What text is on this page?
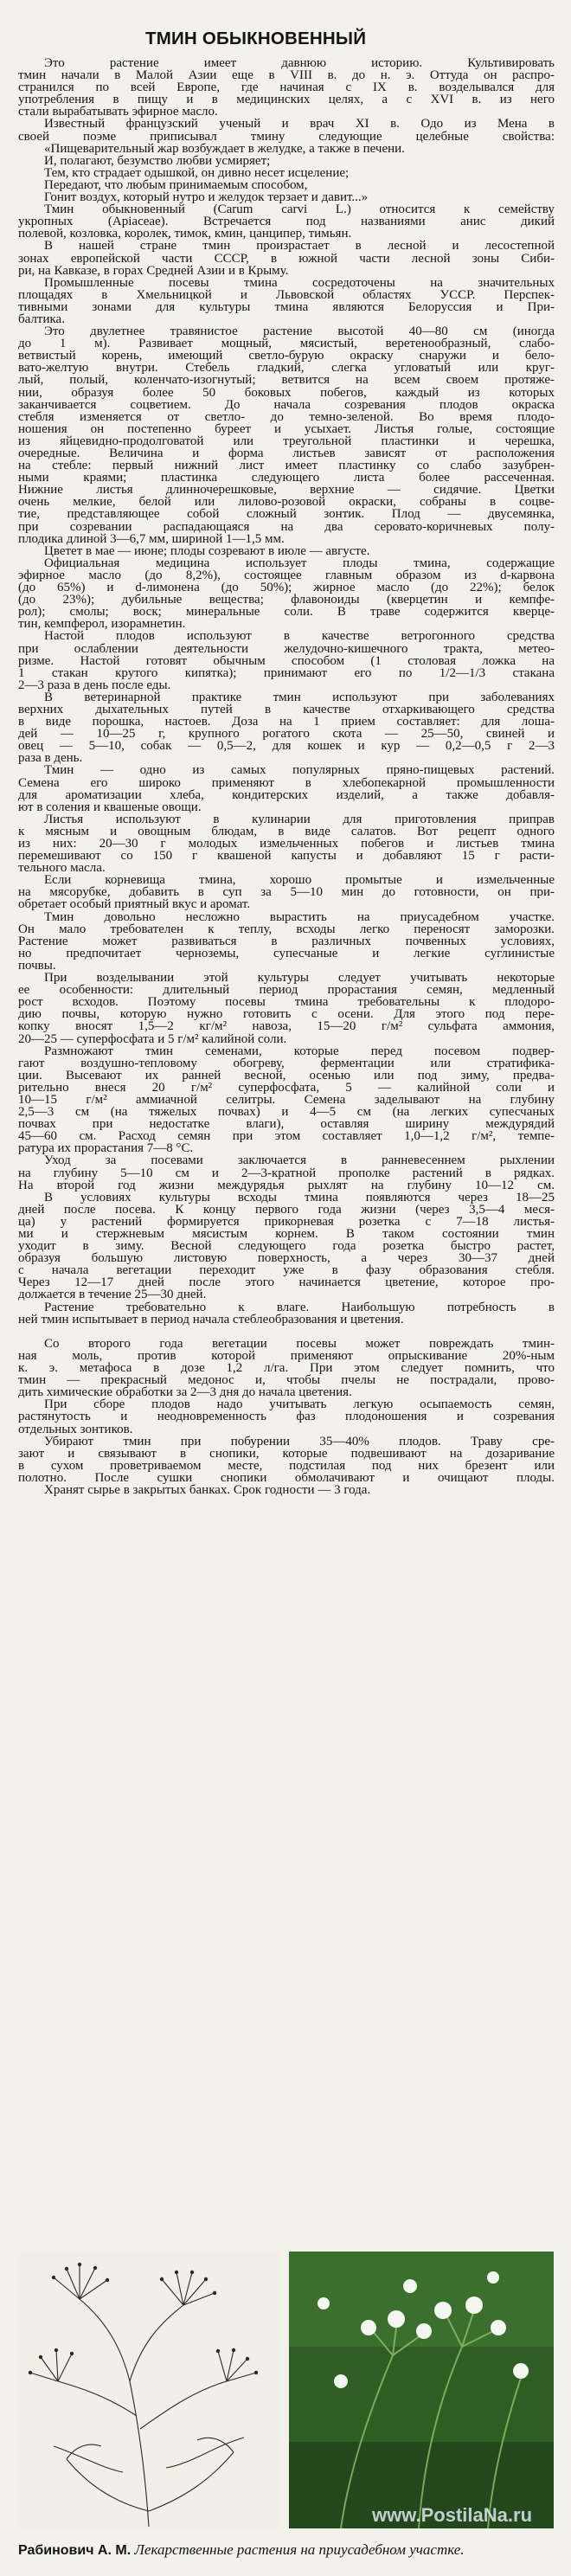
ТМИН ОБЫКНОВЕННЫЙ
Это растение имеет давнюю историю. Культивировать
тмин начали в Малой Азии еще в VIII в. до н. э. Оттуда он распро-
странился по всей Европе, где начиная с IX в. возделывался для
употребления в пищу и в медицинских целях, а с XVI в. из него
стали вырабатывать эфирное масло.
Известный французский ученый и врач XI в. Одо из Мена в
своей поэме приписывал тмину следующие целебные свойства:
«Пищеварительный жар возбуждает в желудке, а также в печени.
И, полагают, безумство любви усмиряет;
Тем, кто страдает одышкой, он дивно несет исцеление;
Передают, что любым принимаемым способом,
Гонит воздух, который нутро и желудок терзает и давит...»
Тмин обыкновенный (Carum carvi L.) относится к семейству
укропных (Apiaceae). Встречается под названиями анис дикий
полевой, козловка, королек, тимок, кмин, цанципер, тимьян.
В нашей стране тмин произрастает в лесной и лесостепной
зонах европейской части СССР, в южной части лесной зоны Сиби-
ри, на Кавказе, в горах Средней Азии и в Крыму.
Промышленные посевы тмина сосредоточены на значительных
площадях в Хмельницкой и Львовской областях УССР. Перспек-
тивными зонами для культуры тмина являются Белоруссия и При-
балтика.
Это двулетнее травянистое растение высотой 40—80 см (иногда
до 1 м). Развивает мощный, мясистый, веретенообразный, слабо-
ветвистый корень, имеющий светло-бурую окраску снаружи и бело-
вато-желтую внутри. Стебель гладкий, слегка угловатый или круг-
лый, полый, коленчато-изогнутый; ветвится на всем своем протяже-
нии, образуя более 50 боковых побегов, каждый из которых
заканчивается соцветием. До начала созревания плодов окраска
стебля изменяется от светло- до темно-зеленой. Во время плодо-
ношения он постепенно буреет и усыхает. Листья голые, состоящие
из яйцевидно-продолговатой или треугольной пластинки и черешка,
очередные. Величина и форма листьев зависят от расположения
на стебле: первый нижний лист имеет пластинку со слабо зазубрен-
ными краями; пластинка следующего листа более рассеченная.
Нижние листья длинночерешковые, верхние — сидячие. Цветки
очень мелкие, белой или лилово-розовой окраски, собраны в соцве-
тие, представляющее собой сложный зонтик. Плод — двусемянка,
при созревании распадающаяся на два серовато-коричневых полу-
плодика длиной 3—6,7 мм, шириной 1—1,5 мм.
Цветет в мае — июне; плоды созревают в июле — августе.
Официальная медицина использует плоды тмина, содержащие
эфирное масло (до 8,2%), состоящее главным образом из d-карвона
(до 65%) и d-лимонена (до 50%); жирное масло (до 22%); белок
(до 23%); дубильные вещества; флавоноиды (кверцетин и кемпфе-
рол); смолы; воск; минеральные соли. В траве содержится кверце-
тин, кемпферол, изорамнетин.
Настой плодов используют в качестве ветрогонного средства
при ослаблении деятельности желудочно-кишечного тракта, метео-
ризме. Настой готовят обычным способом (1 столовая ложка на
1 стакан крутого кипятка); принимают его по 1/2—1/3 стакана
2—3 раза в день после еды.
В ветеринарной практике тмин используют при заболеваниях
верхних дыхательных путей в качестве отхаркивающего средства
в виде порошка, настоев. Доза на 1 прием составляет: для лоша-
дей — 10—25 г, крупного рогатого скота — 25—50, свиней и
овец — 5—10, собак — 0,5—2, для кошек и кур — 0,2—0,5 г 2—3
раза в день.
Тмин — одно из самых популярных пряно-пищевых растений.
Семена его широко применяют в хлебопекарной промышленности
для ароматизации хлеба, кондитерских изделий, а также добавля-
ют в соления и квашеные овощи.
Листья используют в кулинарии для приготовления приправ
к мясным и овощным блюдам, в виде салатов. Вот рецепт одного
из них: 20—30 г молодых измельченных побегов и листьев тмина
перемешивают со 150 г квашеной капусты и добавляют 15 г расти-
тельного масла.
Если корневища тмина, хорошо промытые и измельченные
на мясорубке, добавить в суп за 5—10 мин до готовности, он при-
обретает особый приятный вкус и аромат.
Тмин довольно несложно вырастить на приусадебном участке.
Он мало требователен к теплу, всходы легко переносят заморозки.
Растение может развиваться в различных почвенных условиях,
но предпочитает черноземы, супесчаные и легкие суглинистые
почвы.
При возделывании этой культуры следует учитывать некоторые
ее особенности: длительный период прорастания семян, медленный
рост всходов. Поэтому посевы тмина требовательны к плодоро-
дию почвы, которую нужно готовить с осени. Для этого под пере-
копку вносят 1,5—2 кг/м² навоза, 15—20 г/м² сульфата аммония,
20—25 — суперфосфата и 5 г/м² калийной соли.
Размножают тмин семенами, которые перед посевом подвер-
гают воздушно-тепловому обогреву, ферментации или стратифика-
ции. Высевают их ранней весной, осенью или под зиму, предва-
рительно внеся 20 г/м² суперфосфата, 5 — калийной соли и
10—15 г/м² аммиачной селитры. Семена заделывают на глубину
2,5—3 см (на тяжелых почвах) и 4—5 см (на легких супесчаных
почвах при недостатке влаги), оставляя ширину междурядий
45—60 см. Расход семян при этом составляет 1,0—1,2 г/м², темпе-
ратура их прорастания 7—8 °С.
Уход за посевами заключается в ранневесеннем рыхлении
на глубину 5—10 см и 2—3-кратной прополке растений в рядках.
На второй год жизни междурядья рыхлят на глубину 10—12 см.
В условиях культуры всходы тмина появляются через 18—25
дней после посева. К концу первого года жизни (через 3,5—4 меся-
ца) у растений формируется прикорневая розетка с 7—18 листья-
ми и стержневым мясистым корнем. В таком состоянии тмин
уходит в зиму. Весной следующего года розетка быстро растет,
образуя большую листовую поверхность, а через 30—37 дней
с начала вегетации переходит уже в фазу образования стебля.
Через 12—17 дней после этого начинается цветение, которое про-
должается в течение 25—30 дней.
Растение требовательно к влаге. Наибольшую потребность в
ней тмин испытывает в период начала стеблеобразования и цветения.
Со второго года вегетации посевы может повреждать тмин-
ная моль, против которой применяют опрыскивание 20%-ным
к. э. метафоса в дозе 1,2 л/га. При этом следует помнить, что
тмин — прекрасный медонос и, чтобы пчелы не пострадали, прово-
дить химические обработки за 2—3 дня до начала цветения.
При сборе плодов надо учитывать легкую осыпаемость семян,
растянутость и неодновременность фаз плодоношения и созревания
отдельных зонтиков.
Убирают тмин при побурении 35—40% плодов. Траву сре-
зают и связывают в снопики, которые подвешивают на дозаривание
в сухом проветриваемом месте, подстилая под них брезент или
полотно. После сушки снопики обмолачивают и очищают плоды.
Хранят сырье в закрытых банках. Срок годности — 3 года.
www.PostilaNa.ru
Рабинович А. М. Лекарственные растения на приусадебном участке.
